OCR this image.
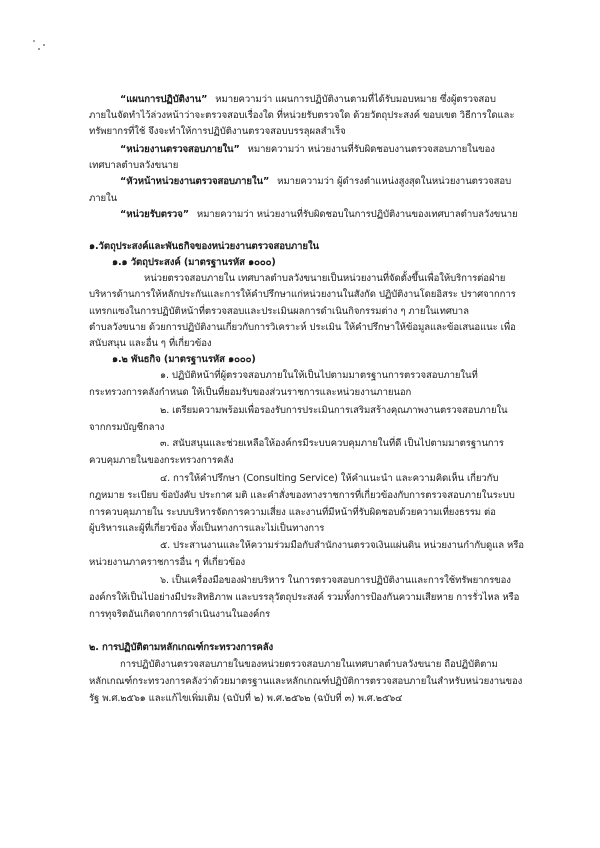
“แผนการปฏิบัติงาน” หมายความว่า แผนการปฏิบัติงานตามที่ได้รับมอบหมาย ซึ่งผู้ตรวจสอบ
ภายในจัดทำไว้ล่วงหน้าว่าจะตรวจสอบเรื่องใด ที่หน่วยรับตรวจใด ด้วยวัตถุประสงค์ ขอบเขต วิธีการใดและ
ทรัพยากรที่ใช้ จึงจะทำให้การปฏิบัติงานตรวจสอบบรรลุผลสำเร็จ
“หน่วยงานตรวจสอบภายใน” หมายความว่า หน่วยงานที่รับผิดชอบงานตรวจสอบภายในของ
เทศบาลตำบลวังขนาย
“หัวหน้าหน่วยงานตรวจสอบภายใน” หมายความว่า ผู้ดำรงตำแหน่งสูงสุดในหน่วยงานตรวจสอบ
ภายใน
“หน่วยรับตรวจ” หมายความว่า หน่วยงานที่รับผิดชอบในการปฏิบัติงานของเทศบาลตำบลวังขนาย
๑.วัตถุประสงค์และพันธกิจของหน่วยงานตรวจสอบภายใน
๑.๑ วัตถุประสงค์ (มาตรฐานรหัส ๑๐๐๐)
หน่วยตรวจสอบภายใน เทศบาลตำบลวังขนายเป็นหน่วยงานที่จัดตั้งขึ้นเพื่อให้บริการต่อฝ่าย
บริหารด้านการให้หลักประกันและการให้คำปรึกษาแก่หน่วยงานในสังกัด ปฏิบัติงานโดยอิสระ ปราศจากการ
แทรกแซงในการปฏิบัติหน้าที่ตรวจสอบและประเมินผลการดำเนินกิจกรรมต่าง ๆ ภายในเทศบาล
ตำบลวังขนาย ด้วยการปฏิบัติงานเกี่ยวกับการวิเคราะห์ ประเมิน ให้คำปรึกษาให้ข้อมูลและข้อเสนอแนะ เพื่อ
สนับสนุน และอื่น ๆ ที่เกี่ยวข้อง
๑.๒ พันธกิจ (มาตรฐานรหัส ๑๐๐๐)
๑. ปฏิบัติหน้าที่ผู้ตรวจสอบภายในให้เป็นไปตามมาตรฐานการตรวจสอบภายในที่
กระทรวงการคลังกำหนด ให้เป็นที่ยอมรับของส่วนราชการและหน่วยงานภายนอก
๒. เตรียมความพร้อมเพื่อรองรับการประเมินการเสริมสร้างคุณภาพงานตรวจสอบภายใน
จากกรมบัญชีกลาง
๓. สนับสนุนและช่วยเหลือให้องค์กรมีระบบควบคุมภายในที่ดี เป็นไปตามมาตรฐานการ
ควบคุมภายในของกระทรวงการคลัง
๔. การให้คำปรึกษา (Consulting Service) ให้คำแนะนำ และความคิดเห็น เกี่ยวกับ
กฎหมาย ระเบียบ ข้อบังคับ ประกาศ มติ และคำสั่งของทางราชการที่เกี่ยวข้องกับการตรวจสอบภายในระบบ
การควบคุมภายใน ระบบบริหารจัดการความเสี่ยง และงานที่มีหน้าที่รับผิดชอบด้วยความเที่ยงธรรม ต่อ
ผู้บริหารและผู้ที่เกี่ยวข้อง ทั้งเป็นทางการและไม่เป็นทางการ
๕. ประสานงานและให้ความร่วมมือกับสำนักงานตรวจเงินแผ่นดิน หน่วยงานกำกับดูแล หรือ
หน่วยงานภาคราชการอื่น ๆ ที่เกี่ยวข้อง
๖. เป็นเครื่องมือของฝ่ายบริหาร ในการตรวจสอบการปฏิบัติงานและการใช้ทรัพยากรของ
องค์กรให้เป็นไปอย่างมีประสิทธิภาพ และบรรลุวัตถุประสงค์ รวมทั้งการป้องกันความเสียหาย การรั่วไหล หรือ
การทุจริตอันเกิดจากการดำเนินงานในองค์กร
๒. การปฏิบัติตามหลักเกณฑ์กระทรวงการคลัง
การปฏิบัติงานตรวจสอบภายในของหน่วยตรวจสอบภายในเทศบาลตำบลวังขนาย ถือปฏิบัติตาม
หลักเกณฑ์กระทรวงการคลังว่าด้วยมาตรฐานและหลักเกณฑ์ปฏิบัติการตรวจสอบภายในสำหรับหน่วยงานของ
รัฐ พ.ศ.๒๕๖๑ และแก้ไขเพิ่มเติม (ฉบับที่ ๒) พ.ศ.๒๕๖๒ (ฉบับที่ ๓) พ.ศ.๒๕๖๔
